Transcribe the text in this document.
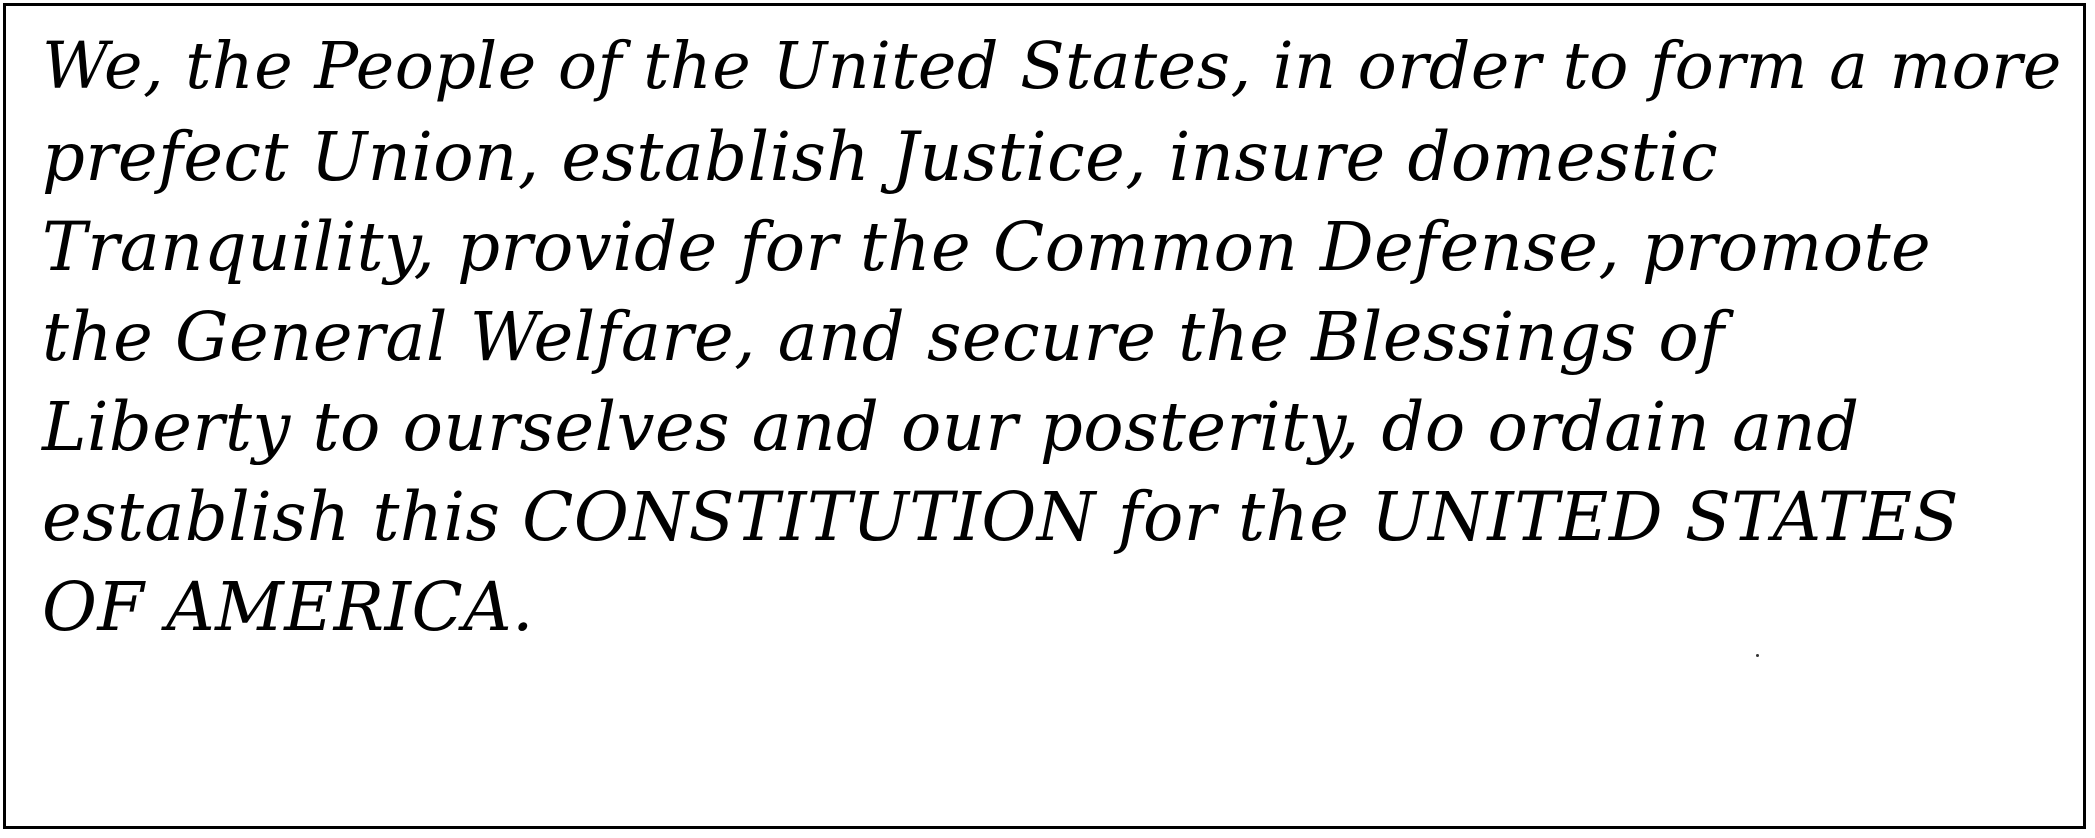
We, the People of the United States, in order to form a more
prefect Union, establish Justice, insure domestic
Tranquility, provide for the Common Defense, promote
the General Welfare, and secure the Blessings of
Liberty to ourselves and our posterity, do ordain and
establish this CONSTITUTION for the UNITED STATES
OF AMERICA.
